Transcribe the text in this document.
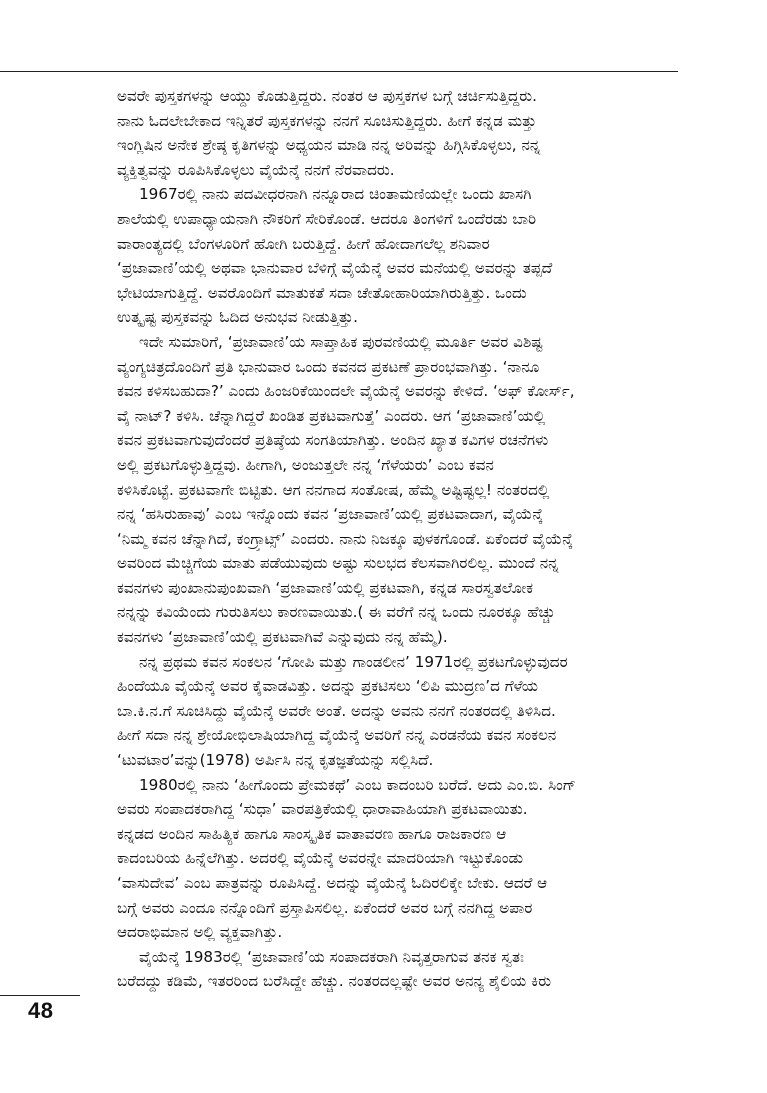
ಅವರೇ ಪುಸ್ತಕಗಳನ್ನು ಆಯ್ದು ಕೊಡುತ್ತಿದ್ದರು. ನಂತರ ಆ ಪುಸ್ತಕಗಳ ಬಗ್ಗೆ ಚರ್ಚಿಸುತ್ತಿದ್ದರು.
ನಾನು ಓದಲೇಬೇಕಾದ ಇನ್ನಿತರೆ ಪುಸ್ತಕಗಳನ್ನು ನನಗೆ ಸೂಚಿಸುತ್ತಿದ್ದರು. ಹೀಗೆ ಕನ್ನಡ ಮತ್ತು
ಇಂಗ್ಲಿಷಿನ ಅನೇಕ ಶ್ರೇಷ್ಠ ಕೃತಿಗಳನ್ನು ಅಧ್ಯಯನ ಮಾಡಿ ನನ್ನ ಅರಿವನ್ನು ಹಿಗ್ಗಿಸಿಕೊಳ್ಳಲು, ನನ್ನ
ವ್ಯಕ್ತಿತ್ವವನ್ನು ರೂಪಿಸಿಕೊಳ್ಳಲು ವೈಯೆನ್ಕೆ ನನಗೆ ನೆರವಾದರು.

1967ರಲ್ಲಿ ನಾನು ಪದವೀಧರನಾಗಿ ನನ್ನೂರಾದ ಚಿಂತಾಮಣಿಯಲ್ಲೇ ಒಂದು ಖಾಸಗಿ
ಶಾಲೆಯಲ್ಲಿ ಉಪಾಧ್ಯಾಯನಾಗಿ ನೌಕರಿಗೆ ಸೇರಿಕೊಂಡೆ. ಆದರೂ ತಿಂಗಳಿಗೆ ಒಂದೆರಡು ಬಾರಿ
ವಾರಾಂತ್ಯದಲ್ಲಿ ಬೆಂಗಳೂರಿಗೆ ಹೋಗಿ ಬರುತ್ತಿದ್ದೆ. ಹೀಗೆ ಹೋದಾಗಲೆಲ್ಲ ಶನಿವಾರ
‘ಪ್ರಜಾವಾಣಿ’ಯಲ್ಲಿ ಅಥವಾ ಭಾನುವಾರ ಬೆಳಿಗ್ಗೆ ವೈಯೆನ್ಕೆ ಅವರ ಮನೆಯಲ್ಲಿ ಅವರನ್ನು ತಪ್ಪದೆ
ಭೇಟಿಯಾಗುತ್ತಿದ್ದೆ. ಅವರೊಂದಿಗೆ ಮಾತುಕತೆ ಸದಾ ಚೇತೋಹಾರಿಯಾಗಿರುತ್ತಿತ್ತು. ಒಂದು
ಉತ್ಕೃಷ್ಟ ಪುಸ್ತಕವನ್ನು ಓದಿದ ಅನುಭವ ನೀಡುತ್ತಿತ್ತು.

ಇದೇ ಸುಮಾರಿಗೆ, ‘ಪ್ರಜಾವಾಣಿ’ಯ ಸಾಪ್ತಾಹಿಕ ಪುರವಣಿಯಲ್ಲಿ ಮೂರ್ತಿ ಅವರ ವಿಶಿಷ್ಟ
ವ್ಯಂಗ್ಯಚಿತ್ರದೊಂದಿಗೆ ಪ್ರತಿ ಭಾನುವಾರ ಒಂದು ಕವನದ ಪ್ರಕಟಣೆ ಪ್ರಾರಂಭವಾಗಿತ್ತು. ‘ನಾನೂ
ಕವನ ಕಳಿಸಬಹುದಾ?’ ಎಂದು ಹಿಂಜರಿಕೆಯಿಂದಲೇ ವೈಯೆನ್ಕೆ ಅವರನ್ನು ಕೇಳಿದೆ. ‘ಅಫ್ ಕೋರ್ಸ್,
ವೈ ನಾಟ್? ಕಳಿಸಿ. ಚೆನ್ನಾಗಿದ್ದರೆ ಖಂಡಿತ ಪ್ರಕಟವಾಗುತ್ತೆ’ ಎಂದರು. ಆಗ ‘ಪ್ರಜಾವಾಣಿ’ಯಲ್ಲಿ
ಕವನ ಪ್ರಕಟವಾಗುವುದೆಂದರೆ ಪ್ರತಿಷ್ಠೆಯ ಸಂಗತಿಯಾಗಿತ್ತು. ಅಂದಿನ ಖ್ಯಾತ ಕವಿಗಳ ರಚನೆಗಳು
ಅಲ್ಲಿ ಪ್ರಕಟಗೊಳ್ಳುತ್ತಿದ್ದವು. ಹೀಗಾಗಿ, ಅಂಜುತ್ತಲೇ ನನ್ನ ‘ಗೆಳೆಯರು’ ಎಂಬ ಕವನ
ಕಳಿಸಿಕೊಟ್ಟೆ. ಪ್ರಕಟವಾಗೇ ಬಿಟ್ಟಿತು. ಆಗ ನನಗಾದ ಸಂತೋಷ, ಹೆಮ್ಮೆ ಅಷ್ಟಿಷ್ಟಲ್ಲ! ನಂತರದಲ್ಲಿ
ನನ್ನ ‘ಹಸಿರುಹಾವು’ ಎಂಬ ಇನ್ನೊಂದು ಕವನ ‘ಪ್ರಜಾವಾಣಿ’ಯಲ್ಲಿ ಪ್ರಕಟವಾದಾಗ, ವೈಯೆನ್ಕೆ
‘ನಿಮ್ಮ ಕವನ ಚೆನ್ನಾಗಿದೆ, ಕಂಗ್ರ್ಯಾಟ್ಸ್’ ಎಂದರು. ನಾನು ನಿಜಕ್ಕೂ ಪುಳಕಗೊಂಡೆ. ಏಕೆಂದರೆ ವೈಯೆನ್ಕೆ
ಅವರಿಂದ ಮೆಚ್ಚಿಗೆಯ ಮಾತು ಪಡೆಯುವುದು ಅಷ್ಟು ಸುಲಭದ ಕೆಲಸವಾಗಿರಲಿಲ್ಲ. ಮುಂದೆ ನನ್ನ
ಕವನಗಳು ಪುಂಖಾನುಪುಂಖವಾಗಿ ‘ಪ್ರಜಾವಾಣಿ’ಯಲ್ಲಿ ಪ್ರಕಟವಾಗಿ, ಕನ್ನಡ ಸಾರಸ್ವತಲೋಕ
ನನ್ನನ್ನು ಕವಿಯೆಂದು ಗುರುತಿಸಲು ಕಾರಣವಾಯಿತು.( ಈ ವರೆಗೆ ನನ್ನ ಒಂದು ನೂರಕ್ಕೂ ಹೆಚ್ಚು
ಕವನಗಳು ‘ಪ್ರಜಾವಾಣಿ’ಯಲ್ಲಿ ಪ್ರಕಟವಾಗಿವೆ ಎನ್ನುವುದು ನನ್ನ ಹೆಮ್ಮೆ).

ನನ್ನ ಪ್ರಥಮ ಕವನ ಸಂಕಲನ ‘ಗೋಪಿ ಮತ್ತು ಗಾಂಡಲೀನ’ 1971ರಲ್ಲಿ ಪ್ರಕಟಗೊಳ್ಳುವುದರ
ಹಿಂದೆಯೂ ವೈಯೆನ್ಕೆ ಅವರ ಕೈವಾಡವಿತ್ತು. ಅದನ್ನು ಪ್ರಕಟಿಸಲು ‘ಲಿಪಿ ಮುದ್ರಣ’ದ ಗೆಳೆಯ
ಬಾ.ಕಿ.ನ.ಗೆ ಸೂಚಿಸಿದ್ದು ವೈಯೆನ್ಕೆ ಅವರೇ ಅಂತೆ. ಅದನ್ನು ಅವನು ನನಗೆ ನಂತರದಲ್ಲಿ ತಿಳಿಸಿದ.
ಹೀಗೆ ಸದಾ ನನ್ನ ಶ್ರೇಯೋಭಿಲಾಷಿಯಾಗಿದ್ದ ವೈಯೆನ್ಕೆ ಅವರಿಗೆ ನನ್ನ ಎರಡನೆಯ ಕವನ ಸಂಕಲನ
‘ಟುವಟಾರ’ವನ್ನು(1978) ಅರ್ಪಿಸಿ ನನ್ನ ಕೃತಜ್ಞತೆಯನ್ನು ಸಲ್ಲಿಸಿದೆ.

1980ರಲ್ಲಿ ನಾನು ‘ಹೀಗೊಂದು ಪ್ರೇಮಕಥೆ’ ಎಂಬ ಕಾದಂಬರಿ ಬರೆದೆ. ಅದು ಎಂ.ಬಿ. ಸಿಂಗ್
ಅವರು ಸಂಪಾದಕರಾಗಿದ್ದ ‘ಸುಧಾ’ ವಾರಪತ್ರಿಕೆಯಲ್ಲಿ ಧಾರಾವಾಹಿಯಾಗಿ ಪ್ರಕಟವಾಯಿತು.
ಕನ್ನಡದ ಅಂದಿನ ಸಾಹಿತ್ಯಿಕ ಹಾಗೂ ಸಾಂಸ್ಕೃತಿಕ ವಾತಾವರಣ ಹಾಗೂ ರಾಜಕಾರಣ ಆ
ಕಾದಂಬರಿಯ ಹಿನ್ನೆಲೆಗಿತ್ತು. ಅದರಲ್ಲಿ ವೈಯೆನ್ಕೆ ಅವರನ್ನೇ ಮಾದರಿಯಾಗಿ ಇಟ್ಟುಕೊಂಡು
‘ವಾಸುದೇವ’ ಎಂಬ ಪಾತ್ರವನ್ನು ರೂಪಿಸಿದ್ದೆ. ಅದನ್ನು ವೈಯೆನ್ಕೆ ಓದಿರಲಿಕ್ಕೇ ಬೇಕು. ಆದರೆ ಆ
ಬಗ್ಗೆ ಅವರು ಎಂದೂ ನನ್ನೊಂದಿಗೆ ಪ್ರಸ್ತಾಪಿಸಲಿಲ್ಲ. ಏಕೆಂದರೆ ಅವರ ಬಗ್ಗೆ ನನಗಿದ್ದ ಅಪಾರ
ಆದರಾಭಿಮಾನ ಅಲ್ಲಿ ವ್ಯಕ್ತವಾಗಿತ್ತು.

ವೈಯೆನ್ಕೆ 1983ರಲ್ಲಿ ‘ಪ್ರಜಾವಾಣಿ’ಯ ಸಂಪಾದಕರಾಗಿ ನಿವೃತ್ತರಾಗುವ ತನಕ ಸ್ವತಃ
ಬರೆದದ್ದು ಕಡಿಮೆ, ಇತರರಿಂದ ಬರೆಸಿದ್ದೇ ಹೆಚ್ಚು. ನಂತರದಲ್ಲಷ್ಟೇ ಅವರ ಅನನ್ಯ ಶೈಲಿಯ ಕಿರು

48
